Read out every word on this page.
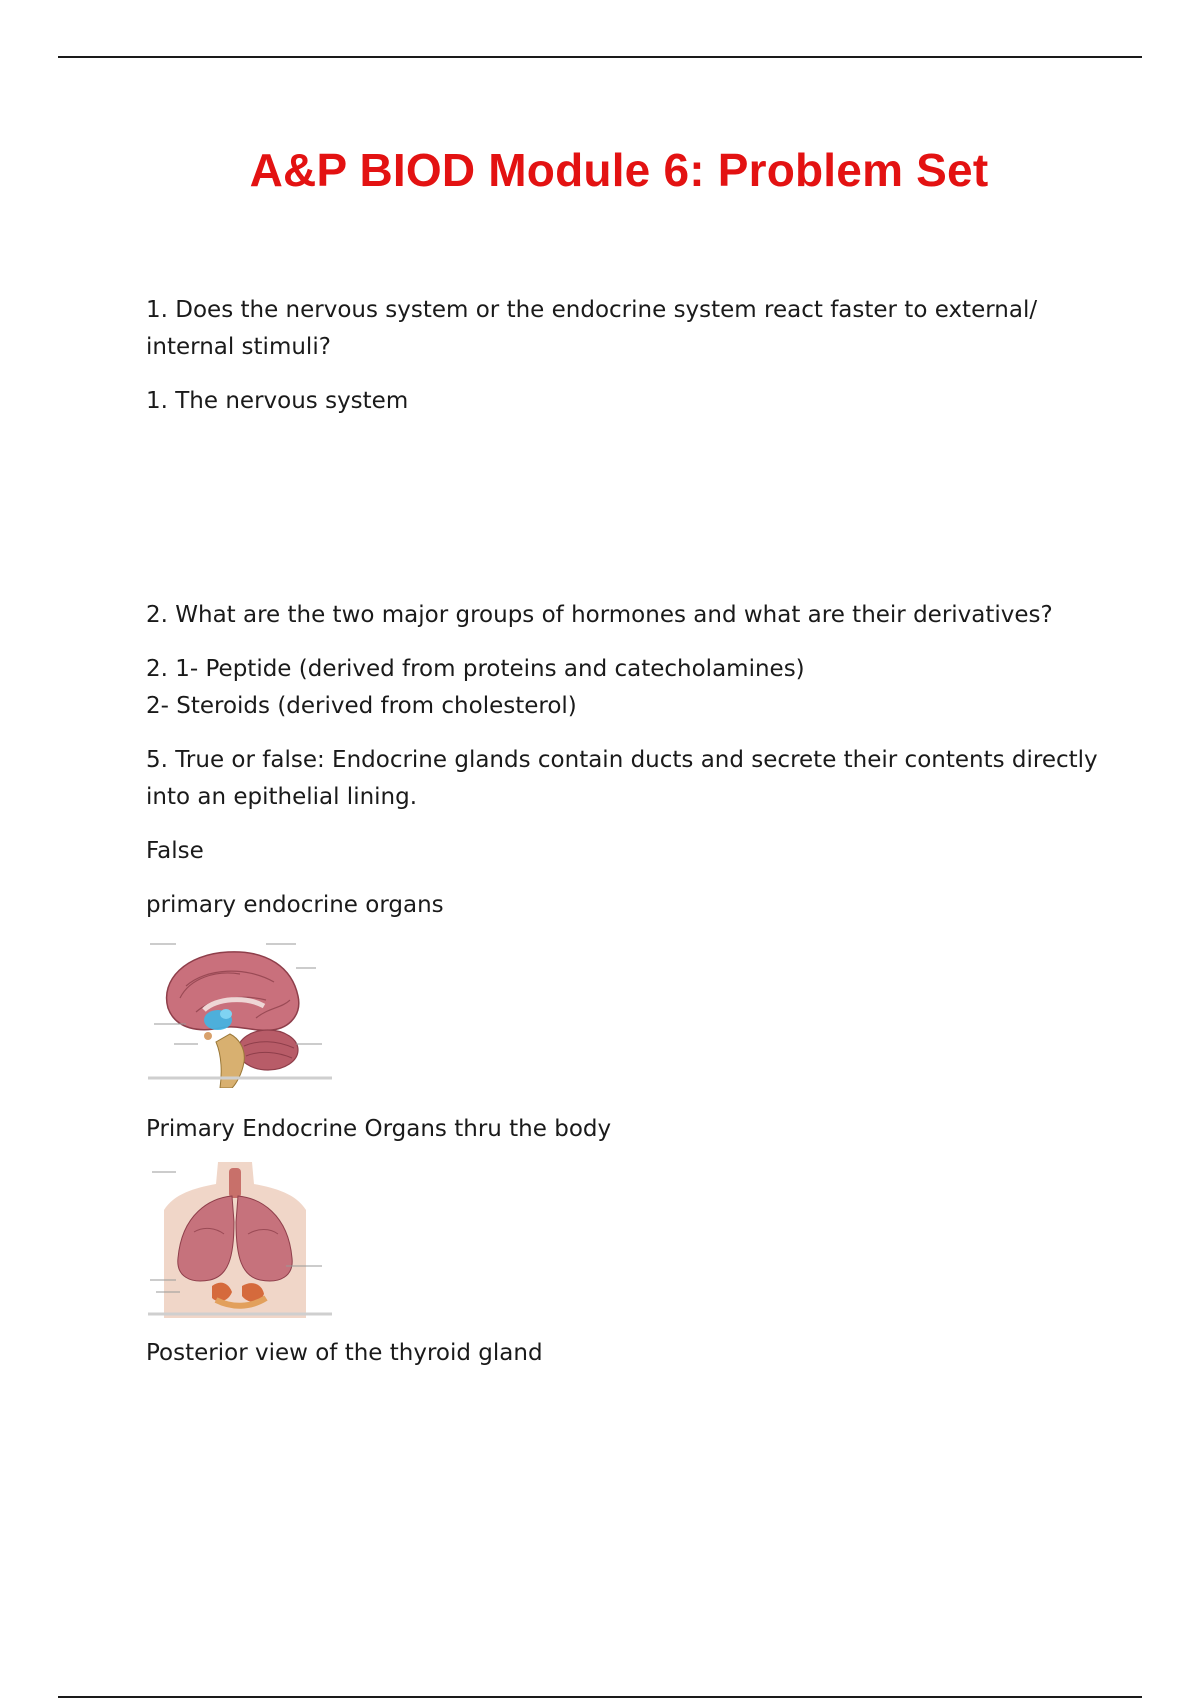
A&P BIOD Module 6: Problem Set

1. Does the nervous system or the endocrine system react faster to external/
internal stimuli?

1. The nervous system

2. What are the two major groups of hormones and what are their derivatives?

2. 1- Peptide (derived from proteins and catecholamines)
2- Steroids (derived from cholesterol)

5. True or false: Endocrine glands contain ducts and secrete their contents directly
into an epithelial lining.

False

primary endocrine organs

Primary Endocrine Organs thru the body

Posterior view of the thyroid gland
